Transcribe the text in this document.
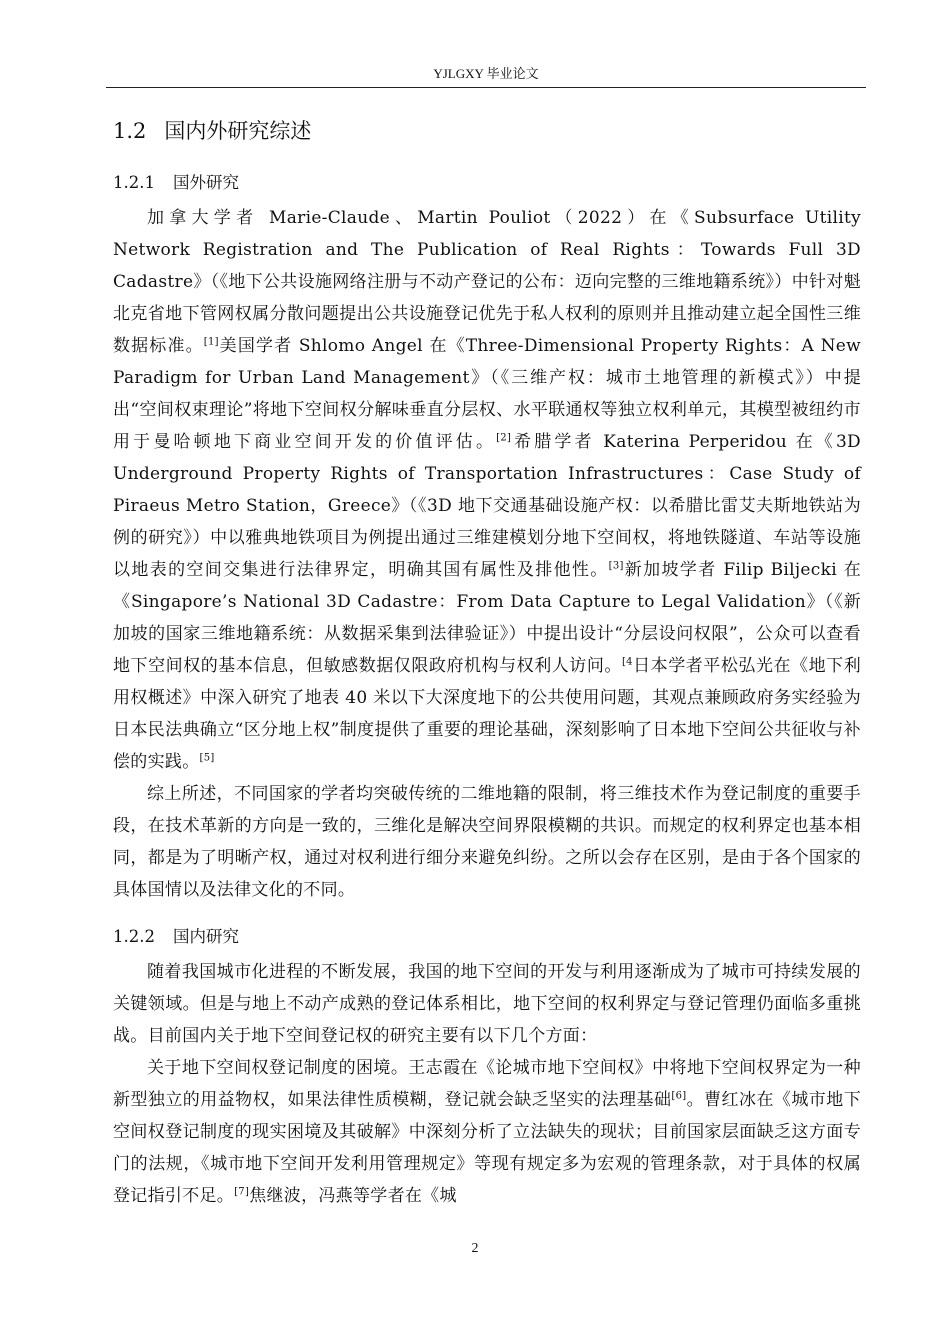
YJLGXY 毕业论文
1.2 国内外研究综述
1.2.1 国外研究

加拿大学者 Marie-Claude、Martin Pouliot（2022）在《Subsurface Utility Network Registration and The Publication of Real Rights：Towards Full 3D Cadastre》（《地下公共设施网络注册与不动产登记的公布：迈向完整的三维地籍系统》）中针对魁北克省地下管网权属分散问题提出公共设施登记优先于私人权利的原则并且推动建立起全国性三维数据标准。[1]美国学者 Shlomo Angel 在《Three-Dimensional Property Rights：A New Paradigm for Urban Land Management》（《三维产权：城市土地管理的新模式》）中提出“空间权束理论”将地下空间权分解味垂直分层权、水平联通权等独立权利单元，其模型被纽约市用于曼哈顿地下商业空间开发的价值评估。[2]希腊学者 Katerina Perperidou 在《3D Underground Property Rights of Transportation Infrastructures：Case Study of Piraeus Metro Station，Greece》（《3D 地下交通基础设施产权：以希腊比雷艾夫斯地铁站为例的研究》）中以雅典地铁项目为例提出通过三维建模划分地下空间权，将地铁隧道、车站等设施以地表的空间交集进行法律界定，明确其国有属性及排他性。[3]新加坡学者 Filip Biljecki 在《Singapore’s National 3D Cadastre：From Data Capture to Legal Validation》（《新加坡的国家三维地籍系统：从数据采集到法律验证》）中提出设计“分层设问权限”，公众可以查看地下空间权的基本信息，但敏感数据仅限政府机构与权利人访问。$^{[4}$日本学者平松弘光在《地下利用权概述》中深入研究了地表 40 米以下大深度地下的公共使用问题，其观点兼顾政府务实经验为日本民法典确立“区分地上权”制度提供了重要的理论基础，深刻影响了日本地下空间公共征收与补偿的实践。[5]

综上所述，不同国家的学者均突破传统的二维地籍的限制，将三维技术作为登记制度的重要手段，在技术革新的方向是一致的，三维化是解决空间界限模糊的共识。而规定的权利界定也基本相同，都是为了明晰产权，通过对权利进行细分来避免纠纷。之所以会存在区别，是由于各个国家的具体国情以及法律文化的不同。

1.2.2 国内研究

随着我国城市化进程的不断发展，我国的地下空间的开发与利用逐渐成为了城市可持续发展的关键领域。但是与地上不动产成熟的登记体系相比，地下空间的权利界定与登记管理仍面临多重挑战。目前国内关于地下空间登记权的研究主要有以下几个方面：

关于地下空间权登记制度的困境。王志霞在《论城市地下空间权》中将地下空间权界定为一种新型独立的用益物权，如果法律性质模糊，登记就会缺乏坚实的法理基础[6]。曹红冰在《城市地下空间权登记制度的现实困境及其破解》中深刻分析了立法缺失的现状；目前国家层面缺乏这方面专门的法规，《城市地下空间开发利用管理规定》等现有规定多为宏观的管理条款，对于具体的权属登记指引不足。[7]焦继波，冯燕等学者在《城

2
